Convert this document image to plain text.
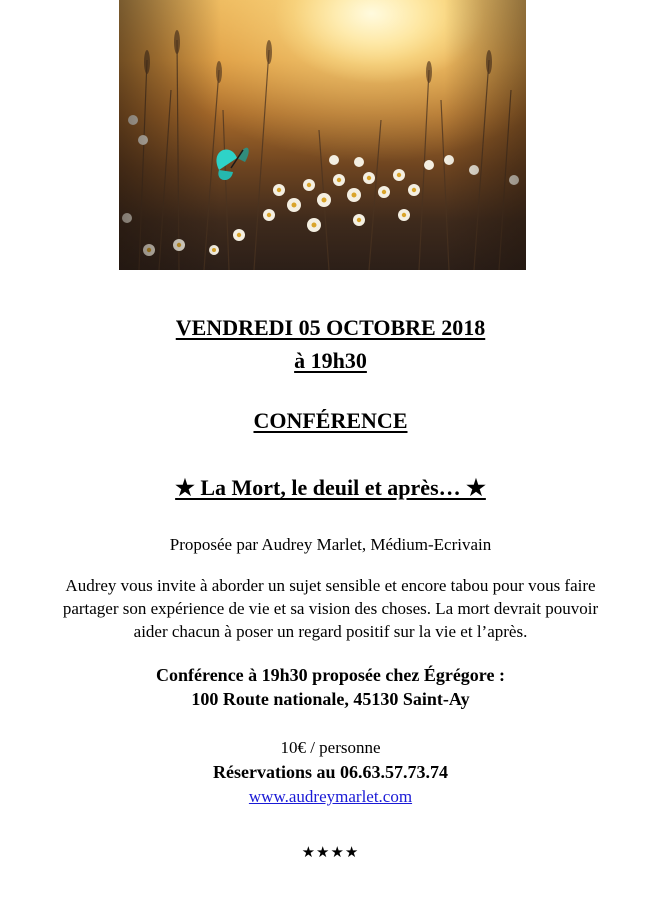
VENDREDI 05 OCTOBRE 2018
à 19h30
CONFÉRENCE
★ La Mort, le deuil et après… ★
Proposée par Audrey Marlet, Médium-Ecrivain
Audrey vous invite à aborder un sujet sensible et encore tabou pour vous faire
partager son expérience de vie et sa vision des choses. La mort devrait pouvoir
aider chacun à poser un regard positif sur la vie et l’après.
Conférence à 19h30 proposée chez Égrégore :
100 Route nationale, 45130 Saint-Ay
10€ / personne
Réservations au 06.63.57.73.74
www.audreymarlet.com
★★★★
